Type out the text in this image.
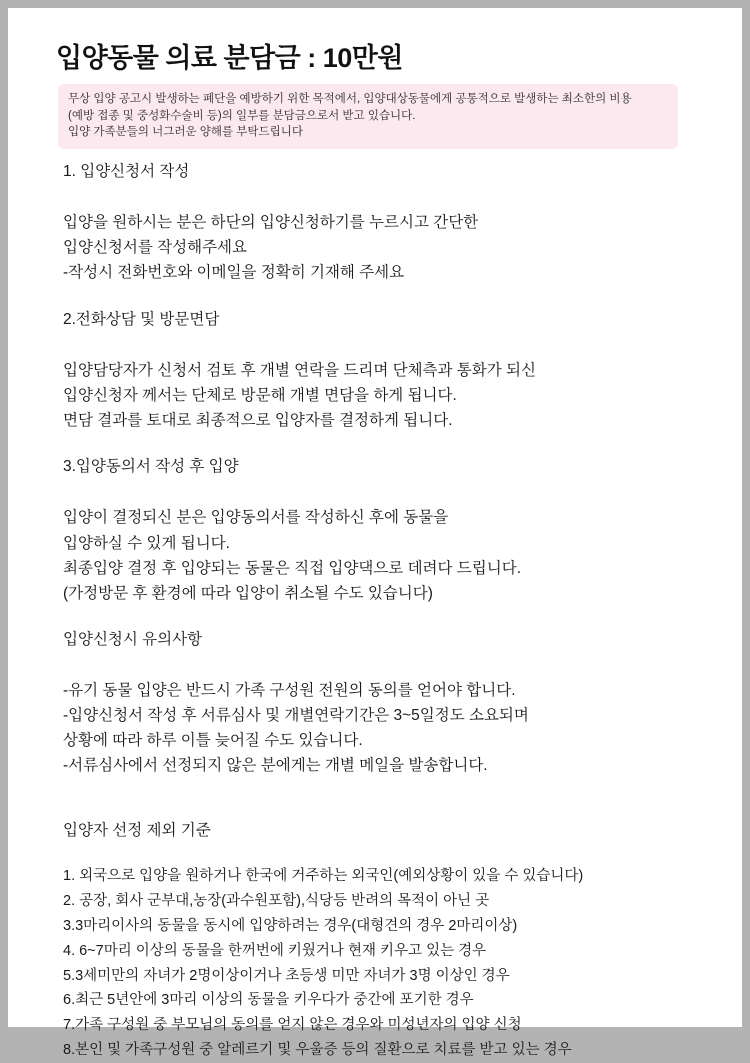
입양동물 의료 분담금 : 10만원
무상 입양 공고시 발생하는 폐단을 예방하기 위한 목적에서, 입양대상동물에게 공통적으로 발생하는 최소한의 비용
(예방 접종 및 중성화수술비 등)의 일부를 분담금으로서 받고 있습니다.
입양 가족분들의 너그러운 양해를 부탁드립니다
1. 입양신청서 작성
입양을 원하시는 분은 하단의 입양신청하기를 누르시고 간단한
입양신청서를 작성해주세요
-작성시 전화번호와 이메일을 정확히 기재해 주세요
2.전화상담 및 방문면담
입양담당자가 신청서 검토 후 개별 연락을 드리며 단체측과 통화가 되신
입양신청자 께서는 단체로 방문해 개별 면담을 하게 됩니다.
면담 결과를 토대로 최종적으로 입양자를 결정하게 됩니다.
3.입양동의서 작성 후 입양
입양이 결정되신 분은 입양동의서를 작성하신 후에 동물을
입양하실 수 있게 됩니다.
최종입양 결정 후 입양되는 동물은 직접 입양댁으로 데려다 드립니다.
(가정방문 후 환경에 따라 입양이 취소될 수도 있습니다)
입양신청시 유의사항
-유기 동물 입양은 반드시 가족 구성원 전원의 동의를 얻어야 합니다.
-입양신청서 작성 후 서류심사 및 개별연락기간은 3~5일정도 소요되며
상황에 따라 하루 이틀 늦어질 수도 있습니다.
-서류심사에서 선정되지 않은 분에게는 개별 메일을 발송합니다.
입양자 선정 제외 기준
1. 외국으로 입양을 원하거나 한국에 거주하는 외국인(예외상황이 있을 수 있습니다)
2. 공장, 회사 군부대,농장(과수원포함),식당등 반려의 목적이 아닌 곳
3.3마리이사의 동물을 동시에 입양하려는 경우(대형견의 경우 2마리이상)
4. 6~7마리 이상의 동물을 한꺼번에 키웠거나 현재 키우고 있는 경우
5.3세미만의 자녀가 2명이상이거나 초등생 미만 자녀가 3명 이상인 경우
6.최근 5년안에 3마리 이상의 동물을 키우다가 중간에 포기한 경우
7.가족 구성원 중 부모님의 동의를 얻지 않은 경우와 미성년자의 입양 신청
8.본인 및 가족구성원 중 알레르기 및 우울증 등의 질환으로 치료를 받고 있는 경우
